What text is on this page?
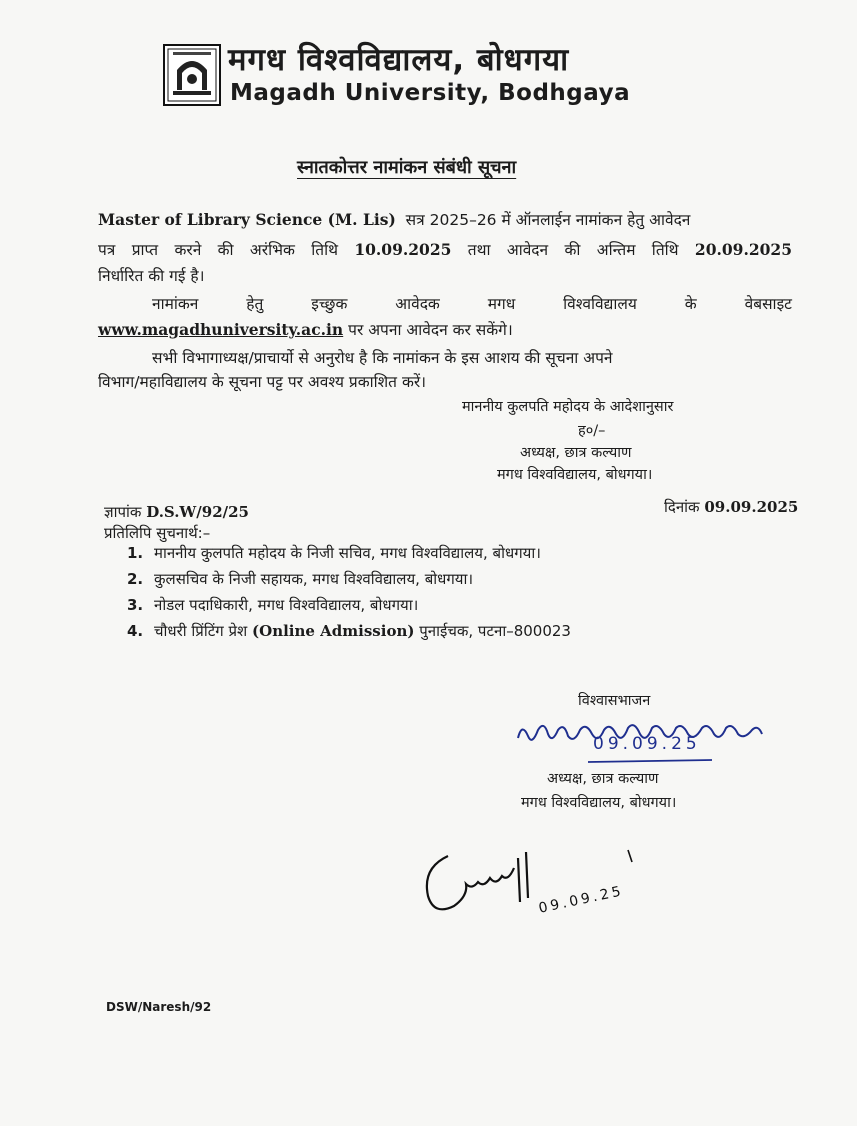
मगध विश्वविद्यालय, बोधगया
Magadh University, Bodhgaya
स्नातकोत्तर नामांकन संबंधी सूचना
Master of Library Science (M. Lis) सत्र 2025–26 में ऑनलाईन नामांकन हेतु आवेदन
पत्र प्राप्त करने की अरंभिक तिथि 10.09.2025 तथा आवेदन की अन्तिम तिथि 20.09.2025
निर्धारित की गई है।
नामांकन हेतु इच्छुक आवेदक मगध विश्वविद्यालय के वेबसाइट
www.magadhuniversity.ac.in पर अपना आवेदन कर सकेंगे।
सभी विभागाध्यक्ष/प्राचार्यो से अनुरोध है कि नामांकन के इस आशय की सूचना अपने
विभाग/महाविद्यालय के सूचना पट्ट पर अवश्य प्रकाशित करें।
माननीय कुलपति महोदय के आदेशानुसार
ह०/–
अध्यक्ष, छात्र कल्याण
मगध विश्वविद्यालय, बोधगया।
ज्ञापांक D.S.W/92/25	दिनांक 09.09.2025
प्रतिलिपि सुचनार्थ:–
1. माननीय कुलपति महोदय के निजी सचिव, मगध विश्वविद्यालय, बोधगया।
2. कुलसचिव के निजी सहायक, मगध विश्वविद्यालय, बोधगया।
3. नोडल पदाधिकारी, मगध विश्वविद्यालय, बोधगया।
4. चौधरी प्रिंटिंग प्रेश (Online Admission) पुनाईचक, पटना–800023
विश्वासभाजन
09.09.25
अध्यक्ष, छात्र कल्याण
मगध विश्वविद्यालय, बोधगया।
09.09.25
DSW/Naresh/92
